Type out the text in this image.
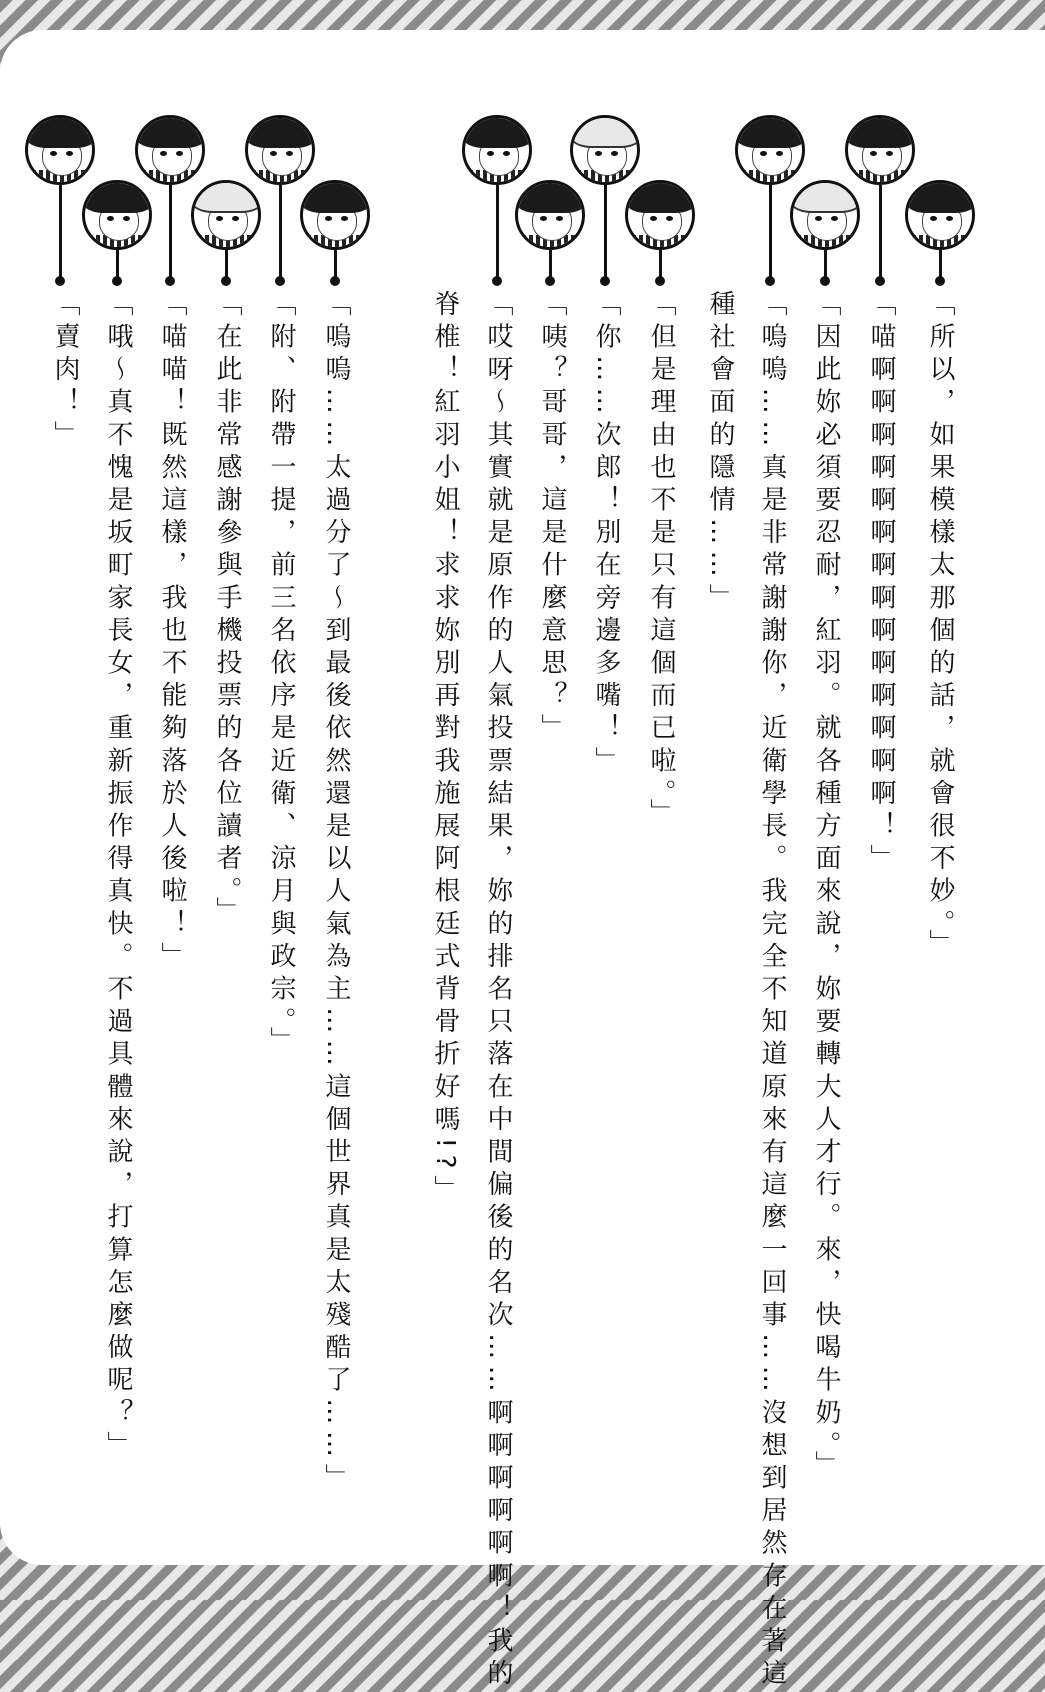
「所以，如果模樣太那個的話，就會很不妙。」
「喵啊啊啊啊啊啊啊啊啊啊啊啊啊啊！」
「因此妳必須要忍耐，紅羽。就各種方面來說，妳要轉大人才行。來，快喝牛奶。」
「嗚嗚……真是非常謝謝你，近衛學長。我完全不知道原來有這麼一回事……沒想到居然存在著這
種社會面的隱情……」
「但是理由也不是只有這個而已啦。」
「你……次郎！別在旁邊多嘴！」
「咦？哥哥，這是什麼意思？」
「哎呀～其實就是原作的人氣投票結果，妳的排名只落在中間偏後的名次……啊啊啊啊啊啊！我的
脊椎！紅羽小姐！求求妳別再對我施展阿根廷式背骨折好嗎!?」
「嗚嗚……太過分了～到最後依然還是以人氣為主……這個世界真是太殘酷了……」
「附、附帶一提，前三名依序是近衛、涼月與政宗。」
「在此非常感謝參與手機投票的各位讀者。」
「喵喵！既然這樣，我也不能夠落於人後啦！」
「哦～真不愧是坂町家長女，重新振作得真快。不過具體來說，打算怎麼做呢？」
「賣肉！」
